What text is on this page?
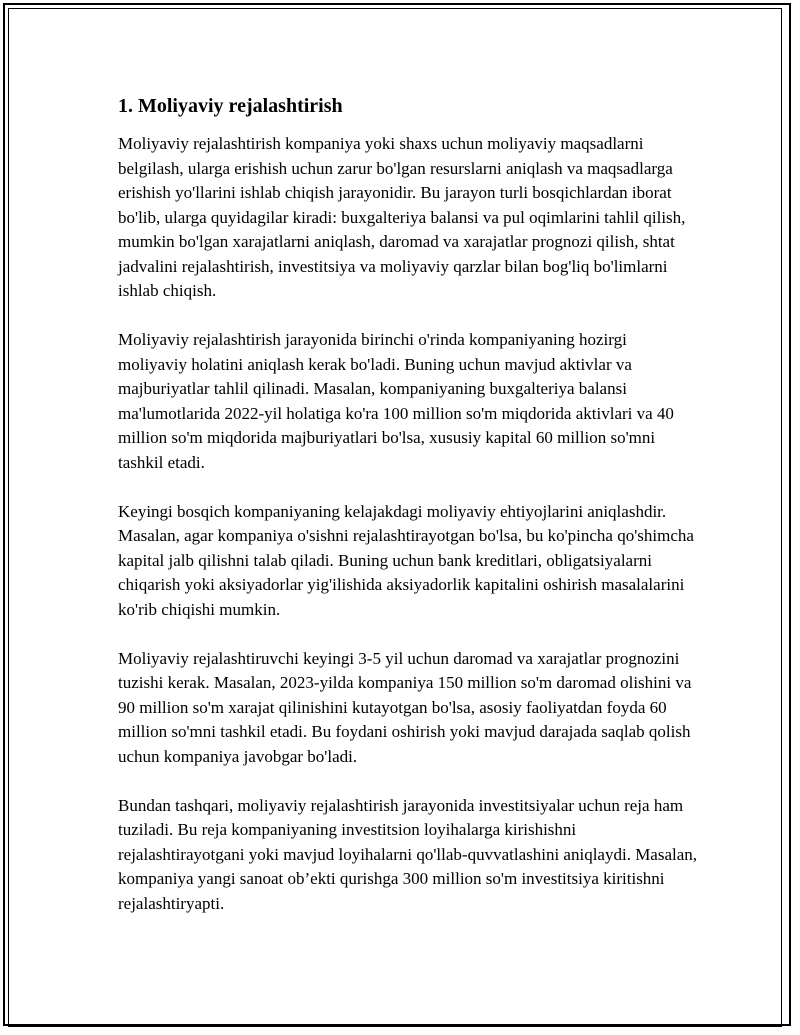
1. Moliyaviy rejalashtirish

Moliyaviy rejalashtirish kompaniya yoki shaxs uchun moliyaviy maqsadlarni belgilash, ularga erishish uchun zarur bo'lgan resurslarni aniqlash va maqsadlarga erishish yo'llarini ishlab chiqish jarayonidir. Bu jarayon turli bosqichlardan iborat bo'lib, ularga quyidagilar kiradi: buxgalteriya balansi va pul oqimlarini tahlil qilish, mumkin bo'lgan xarajatlarni aniqlash, daromad va xarajatlar prognozi qilish, shtat jadvalini rejalashtirish, investitsiya va moliyaviy qarzlar bilan bog'liq bo'limlarni ishlab chiqish.

Moliyaviy rejalashtirish jarayonida birinchi o'rinda kompaniyaning hozirgi moliyaviy holatini aniqlash kerak bo'ladi. Buning uchun mavjud aktivlar va majburiyatlar tahlil qilinadi. Masalan, kompaniyaning buxgalteriya balansi ma'lumotlarida 2022-yil holatiga ko'ra 100 million so'm miqdorida aktivlari va 40 million so'm miqdorida majburiyatlari bo'lsa, xususiy kapital 60 million so'mni tashkil etadi.

Keyingi bosqich kompaniyaning kelajakdagi moliyaviy ehtiyojlarini aniqlashdir. Masalan, agar kompaniya o'sishni rejalashtirayotgan bo'lsa, bu ko'pincha qo'shimcha kapital jalb qilishni talab qiladi. Buning uchun bank kreditlari, obligatsiyalarni chiqarish yoki aksiyadorlar yig'ilishida aksiyadorlik kapitalini oshirish masalalarini ko'rib chiqishi mumkin.

Moliyaviy rejalashtiruvchi keyingi 3-5 yil uchun daromad va xarajatlar prognozini tuzishi kerak. Masalan, 2023-yilda kompaniya 150 million so'm daromad olishini va 90 million so'm xarajat qilinishini kutayotgan bo'lsa, asosiy faoliyatdan foyda 60 million so'mni tashkil etadi. Bu foydani oshirish yoki mavjud darajada saqlab qolish uchun kompaniya javobgar bo'ladi.

Bundan tashqari, moliyaviy rejalashtirish jarayonida investitsiyalar uchun reja ham tuziladi. Bu reja kompaniyaning investitsion loyihalarga kirishishni rejalashtirayotgani yoki mavjud loyihalarni qo'llab-quvvatlashini aniqlaydi. Masalan, kompaniya yangi sanoat ob’ekti qurishga 300 million so'm investitsiya kiritishni rejalashtiryapti.
